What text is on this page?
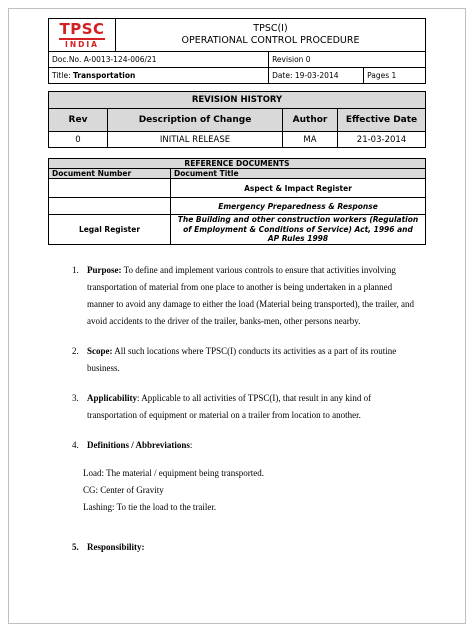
TPSC
INDIA

TPSC(I)
OPERATIONAL CONTROL PROCEDURE

Doc.No. A-0013-124-006/21	Revision 0
Title: Transportation		Date: 19-03-2014	Pages 1
REVISION HISTORY			
Rev	Description of Change	Author	Effective Date
0	INITIAL RELEASE	MA	21-03-2014
REFERENCE DOCUMENTS	
Document Number	Document Title
	Aspect & Impact Register
	Emergency Preparedness & Response
Legal Register	The Building and other construction workers (Regulation of Employment & Conditions of Service) Act, 1996 and AP Rules 1998
1. Purpose: To define and implement various controls to ensure that activities involving transportation of material from one place to another is being undertaken in a planned manner to avoid any damage to either the load (Material being transported), the trailer, and avoid accidents to the driver of the trailer, banks-men, other persons nearby.
2. Scope: All such locations where TPSC(I) conducts its activities as a part of its routine business.
3. Applicability: Applicable to all activities of TPSC(I), that result in any kind of transportation of equipment or material on a trailer from location to another.
4. Definitions / Abbreviations:
Load: The material / equipment being transported.
CG: Center of Gravity
Lashing: To tie the load to the trailer.
5. Responsibility:
